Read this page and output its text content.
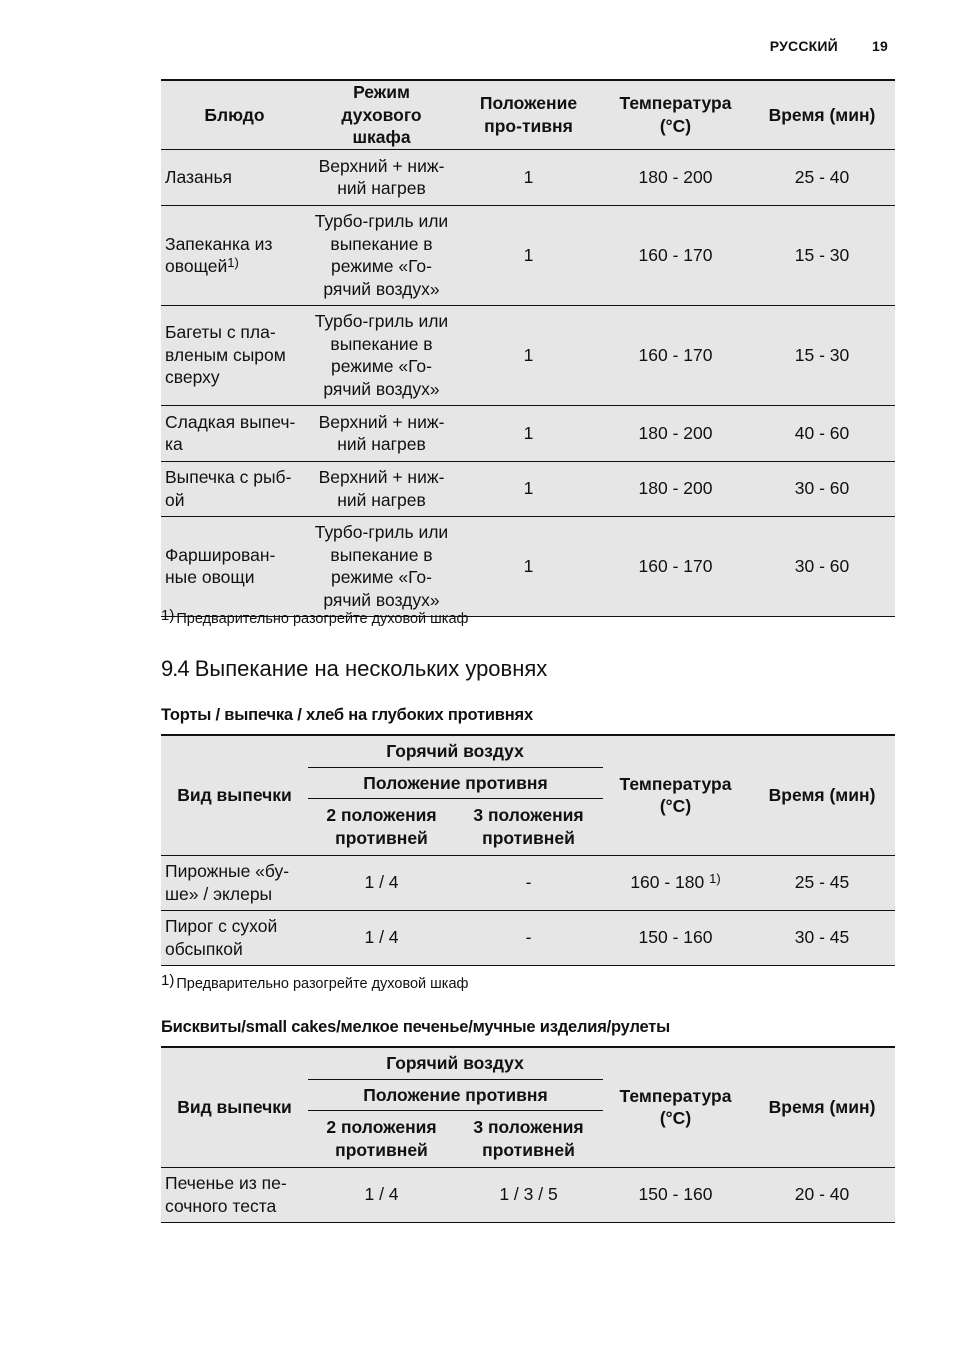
РУССКИЙ 19
Блюдо	Режим духового шкафа	Положение про-тивня	Температура (°C)	Время (мин)
Лазанья	Верхний + ниж-ний нагрев	1	180 - 200	25 - 40
Запеканка из овощей$^{1)}$	Турбо-гриль или выпекание в режиме «Го-рячий воздух»	1	160 - 170	15 - 30
Багеты с пла-вленым сыром сверху	Турбо-гриль или выпекание в режиме «Го-рячий воздух»	1	160 - 170	15 - 30
Сладкая выпеч-ка	Верхний + ниж-ний нагрев	1	180 - 200	40 - 60
Выпечка с рыб-ой	Верхний + ниж-ний нагрев	1	180 - 200	30 - 60
Фарширован-ные овощи	Турбо-гриль или выпекание в режиме «Го-рячий воздух»	1	160 - 170	30 - 60
1) Предварительно разогрейте духовой шкаф
9.4 Выпекание на нескольких уровнях
Торты / выпечка / хлеб на глубоких противнях
Вид выпечки	Горячий воздух		Температура (°C)	Время (мин)

	Положение противня			

	2 положения противней	3 положения противней		
Пирожные «бу-ше» / эклеры	1 / 4	-	160 - 180 $^{1)}$	25 - 45
Пирог с сухой обсыпкой	1 / 4	-	150 - 160	30 - 45
1) Предварительно разогрейте духовой шкаф
Бисквиты/small cakes/мелкое печенье/мучные изделия/рулеты
Вид выпечки	Горячий воздух		Температура (°C)	Время (мин)

	Положение противня			

	2 положения противней	3 положения противней		
Печенье из пе-сочного теста	1 / 4	1 / 3 / 5	150 - 160	20 - 40
